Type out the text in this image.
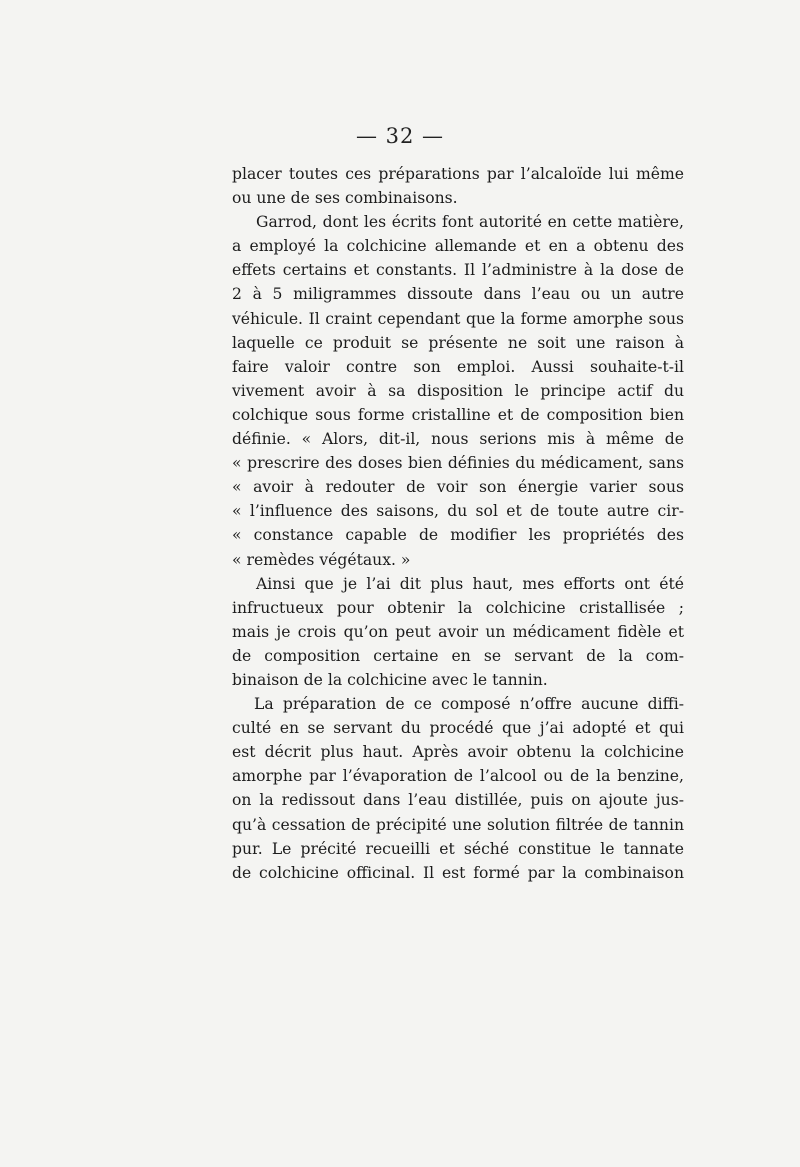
— 32 —
placer toutes ces préparations par l’alcaloïde lui même
ou une de ses combinaisons.
Garrod, dont les écrits font autorité en cette matière,
a employé la colchicine allemande et en a obtenu des
effets certains et constants. Il l’administre à la dose de
2 à 5 miligrammes dissoute dans l’eau ou un autre
véhicule. Il craint cependant que la forme amorphe sous
laquelle ce produit se présente ne soit une raison à
faire valoir contre son emploi. Aussi souhaite-t-il
vivement avoir à sa disposition le principe actif du
colchique sous forme cristalline et de composition bien
définie. « Alors, dit-il, nous serions mis à même de
« prescrire des doses bien définies du médicament, sans
« avoir à redouter de voir son énergie varier sous
« l’influence des saisons, du sol et de toute autre cir-
« constance capable de modifier les propriétés des
« remèdes végétaux. »
Ainsi que je l’ai dit plus haut, mes efforts ont été
infructueux pour obtenir la colchicine cristallisée ;
mais je crois qu’on peut avoir un médicament fidèle et
de composition certaine en se servant de la com-
binaison de la colchicine avec le tannin.
La préparation de ce composé n’offre aucune diffi-
culté en se servant du procédé que j’ai adopté et qui
est décrit plus haut. Après avoir obtenu la colchicine
amorphe par l’évaporation de l’alcool ou de la benzine,
on la redissout dans l’eau distillée, puis on ajoute jus-
qu’à cessation de précipité une solution filtrée de tannin
pur. Le précité recueilli et séché constitue le tannate
de colchicine officinal. Il est formé par la combinaison
